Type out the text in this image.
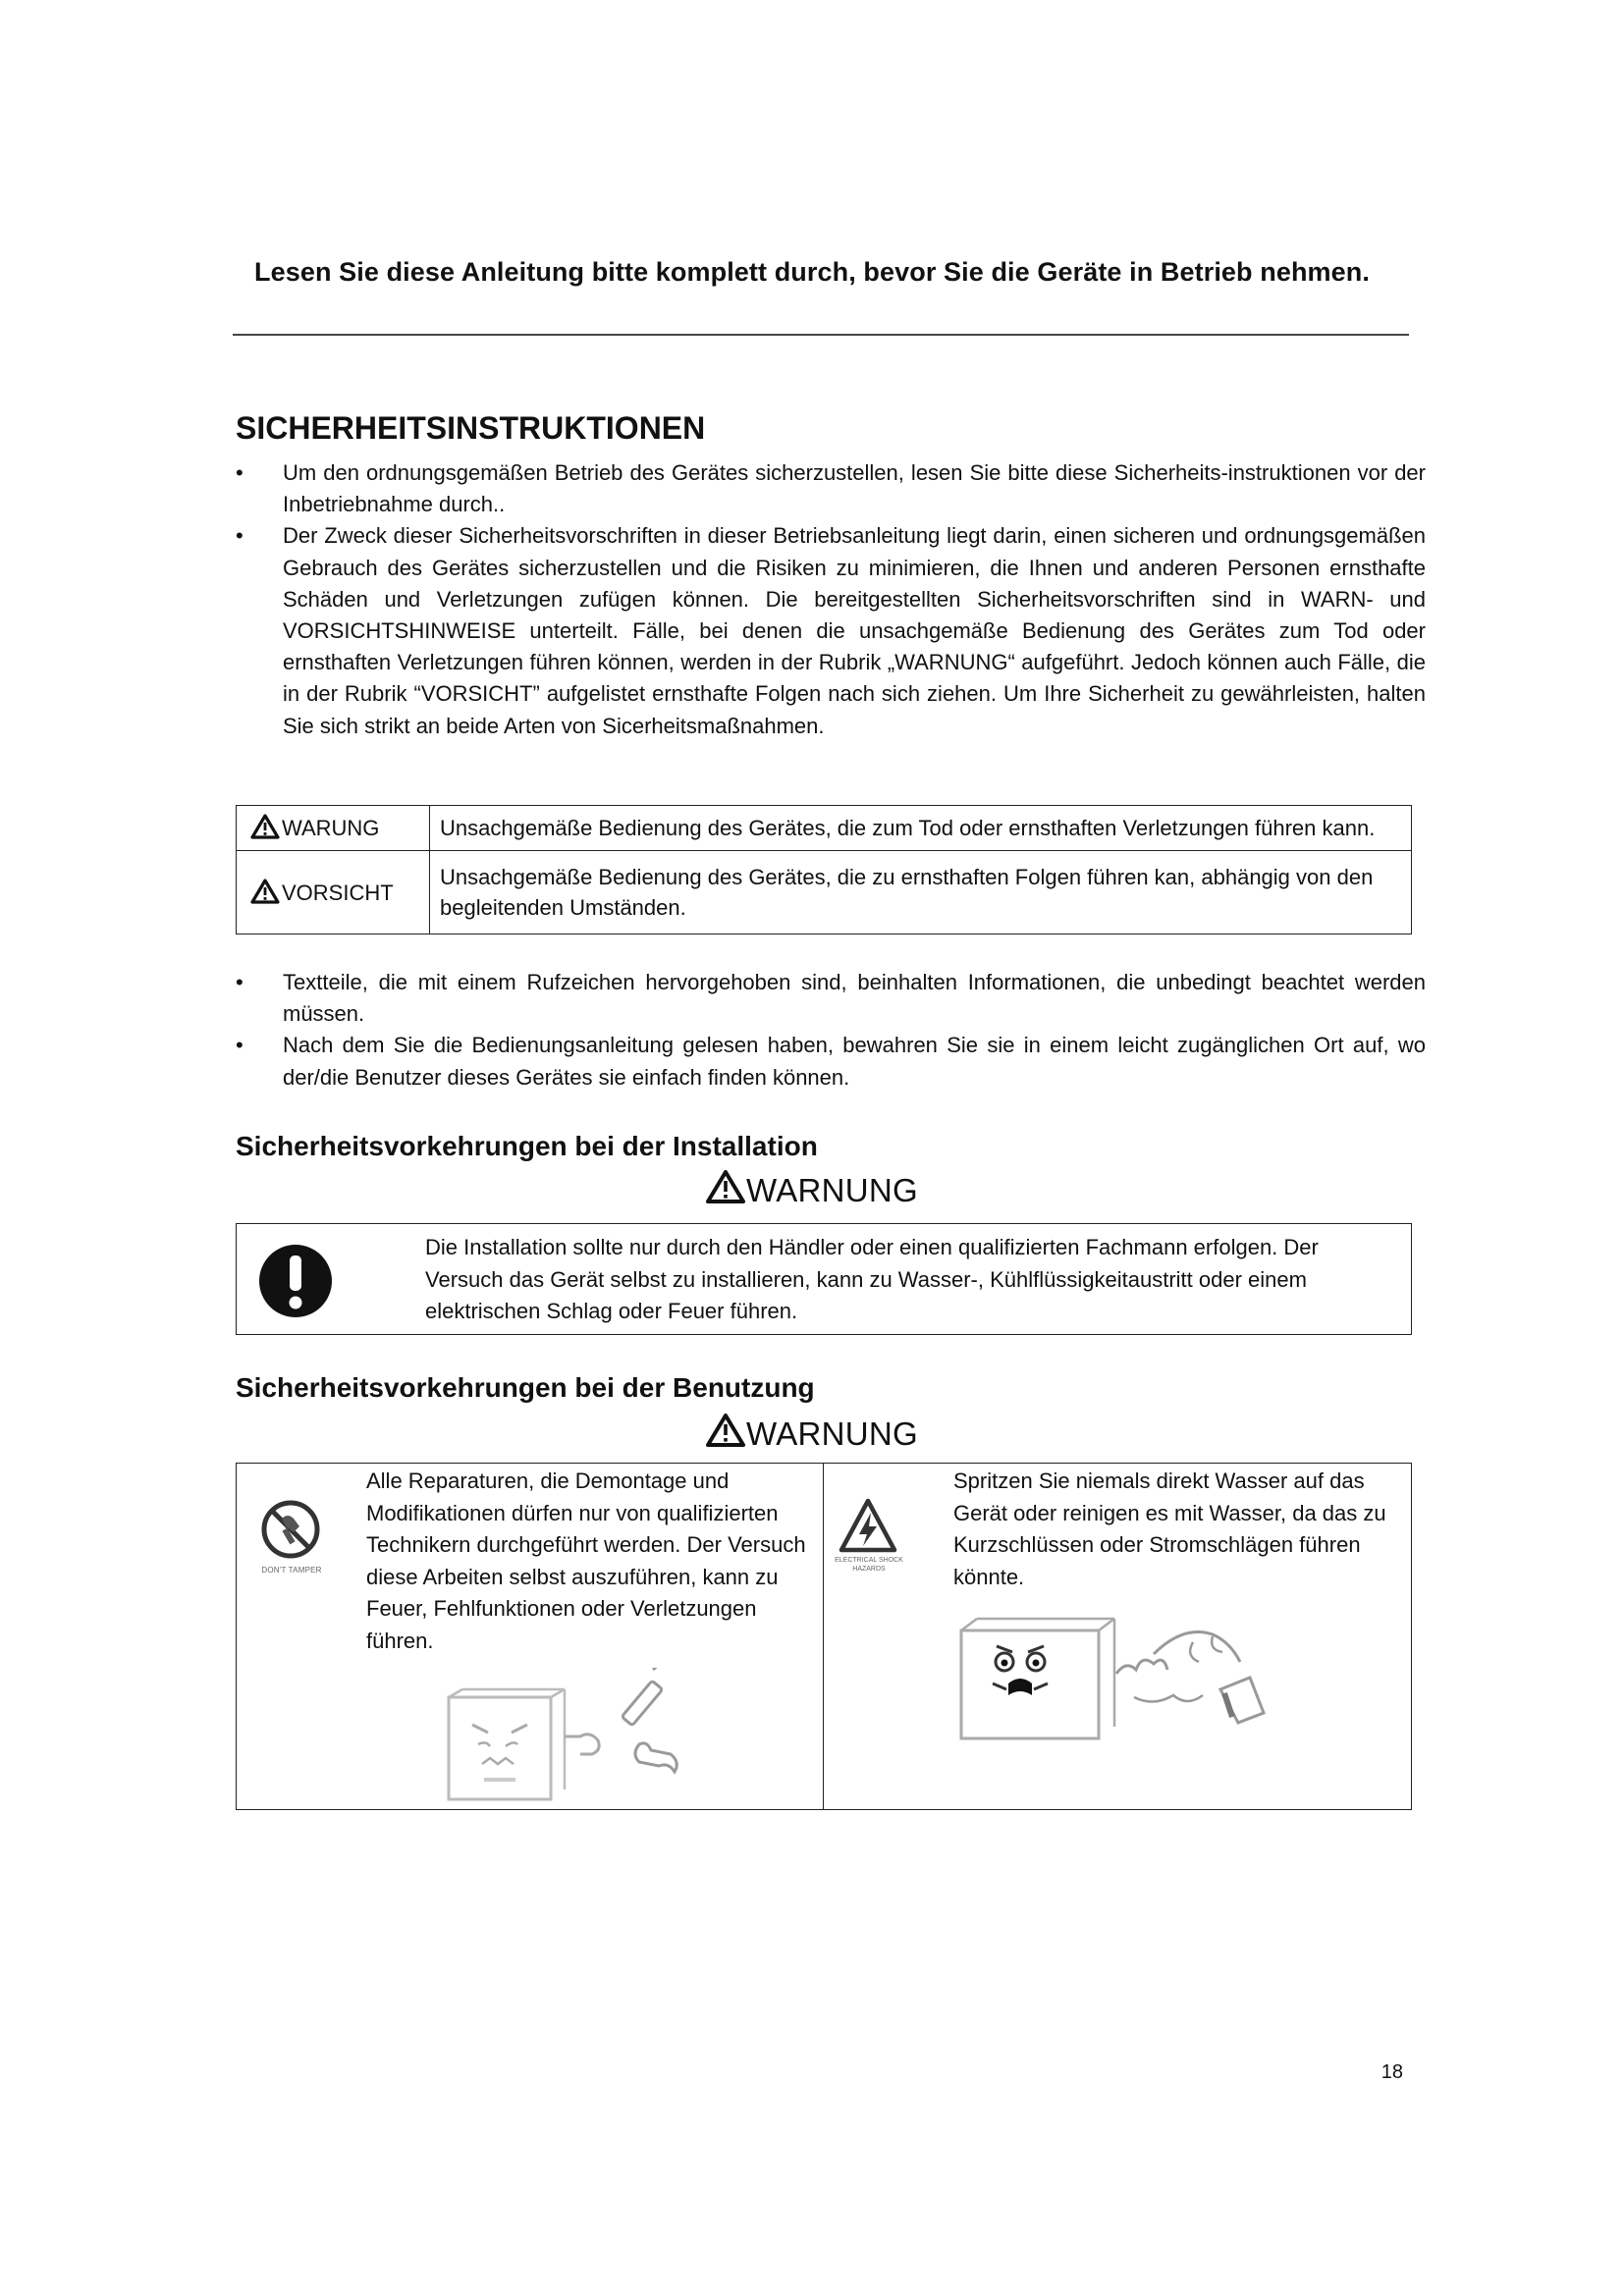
Lesen Sie diese Anleitung bitte komplett durch, bevor Sie die Geräte in Betrieb nehmen.
SICHERHEITSINSTRUKTIONEN
• Um den ordnungsgemäßen Betrieb des Gerätes sicherzustellen, lesen Sie bitte diese Sicherheits-instruktionen vor der Inbetriebnahme durch..
• Der Zweck dieser Sicherheitsvorschriften in dieser Betriebsanleitung liegt darin, einen sicheren und ordnungsgemäßen Gebrauch des Gerätes sicherzustellen und die Risiken zu minimieren, die Ihnen und anderen Personen ernsthafte Schäden und Verletzungen zufügen können. Die bereitgestellten Sicherheitsvorschriften sind in WARN- und VORSICHTSHINWEISE unterteilt. Fälle, bei denen die unsachgemäße Bedienung des Gerätes zum Tod oder ernsthaften Verletzungen führen können, werden in der Rubrik „WARNUNG“ aufgeführt. Jedoch können auch Fälle, die in der Rubrik “VORSICHT” aufgelistet ernsthafte Folgen nach sich ziehen. Um Ihre Sicherheit zu gewährleisten, halten Sie sich strikt an beide Arten von Sicerheitsmaßnahmen.
WARUNG	Unsachgemäße Bedienung des Gerätes, die zum Tod oder ernsthaften Verletzungen führen kann.
VORSICHT	Unsachgemäße Bedienung des Gerätes, die zu ernsthaften Folgen führen kan, abhängig von den begleitenden Umständen.
• Textteile, die mit einem Rufzeichen hervorgehoben sind, beinhalten Informationen, die unbedingt beachtet werden müssen.
• Nach dem Sie die Bedienungsanleitung gelesen haben, bewahren Sie sie in einem leicht zugänglichen Ort auf, wo der/die Benutzer dieses Gerätes sie einfach finden können.
Sicherheitsvorkehrungen bei der Installation
WARNUNG

Die Installation sollte nur durch den Händler oder einen qualifizierten Fachmann erfolgen. Der Versuch das Gerät selbst zu installieren, kann zu Wasser-, Kühlflüssigkeitaustritt oder einem elektrischen Schlag oder Feuer führen.

Sicherheitsvorkehrungen bei der Benutzung
WARNUNG
DON'T TAMPER

Alle Reparaturen, die Demontage und Modifikationen dürfen nur von qualifizierten Technikern durchgeführt werden. Der Versuch diese Arbeiten selbst auszuführen, kann zu Feuer, Fehlfunktionen oder Verletzungen führen.

ELECTRICAL SHOCK HAZARDS

Spritzen Sie niemals direkt Wasser auf das Gerät oder reinigen es mit Wasser, da das zu Kurzschlüssen oder Stromschlägen führen könnte.

18
